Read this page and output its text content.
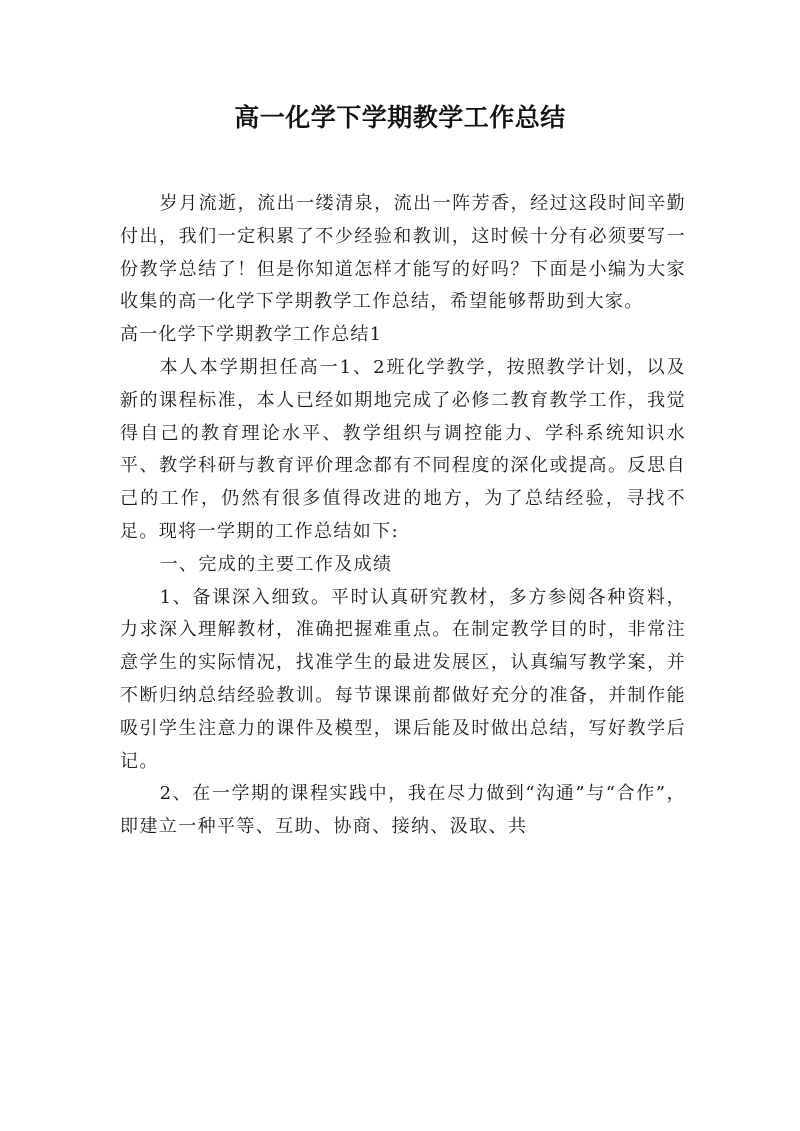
高一化学下学期教学工作总结

岁月流逝，流出一缕清泉，流出一阵芳香，经过这段时间辛勤付出，我们一定积累了不少经验和教训，这时候十分有必须要写一份教学总结了！但是你知道怎样才能写的好吗？下面是小编为大家收集的高一化学下学期教学工作总结，希望能够帮助到大家。

高一化学下学期教学工作总结1

本人本学期担任高一1、2班化学教学，按照教学计划，以及新的课程标准，本人已经如期地完成了必修二教育教学工作，我觉得自己的教育理论水平、教学组织与调控能力、学科系统知识水平、教学科研与教育评价理念都有不同程度的深化或提高。反思自己的工作，仍然有很多值得改进的地方，为了总结经验，寻找不足。现将一学期的工作总结如下:

一、完成的主要工作及成绩

1、备课深入细致。平时认真研究教材，多方参阅各种资料，力求深入理解教材，准确把握难重点。在制定教学目的时，非常注意学生的实际情况，找准学生的最进发展区，认真编写教学案，并不断归纳总结经验教训。每节课课前都做好充分的准备，并制作能吸引学生注意力的课件及模型，课后能及时做出总结，写好教学后记。

2、在一学期的课程实践中，我在尽力做到“沟通”与“合作”，即建立一种平等、互助、协商、接纳、汲取、共
